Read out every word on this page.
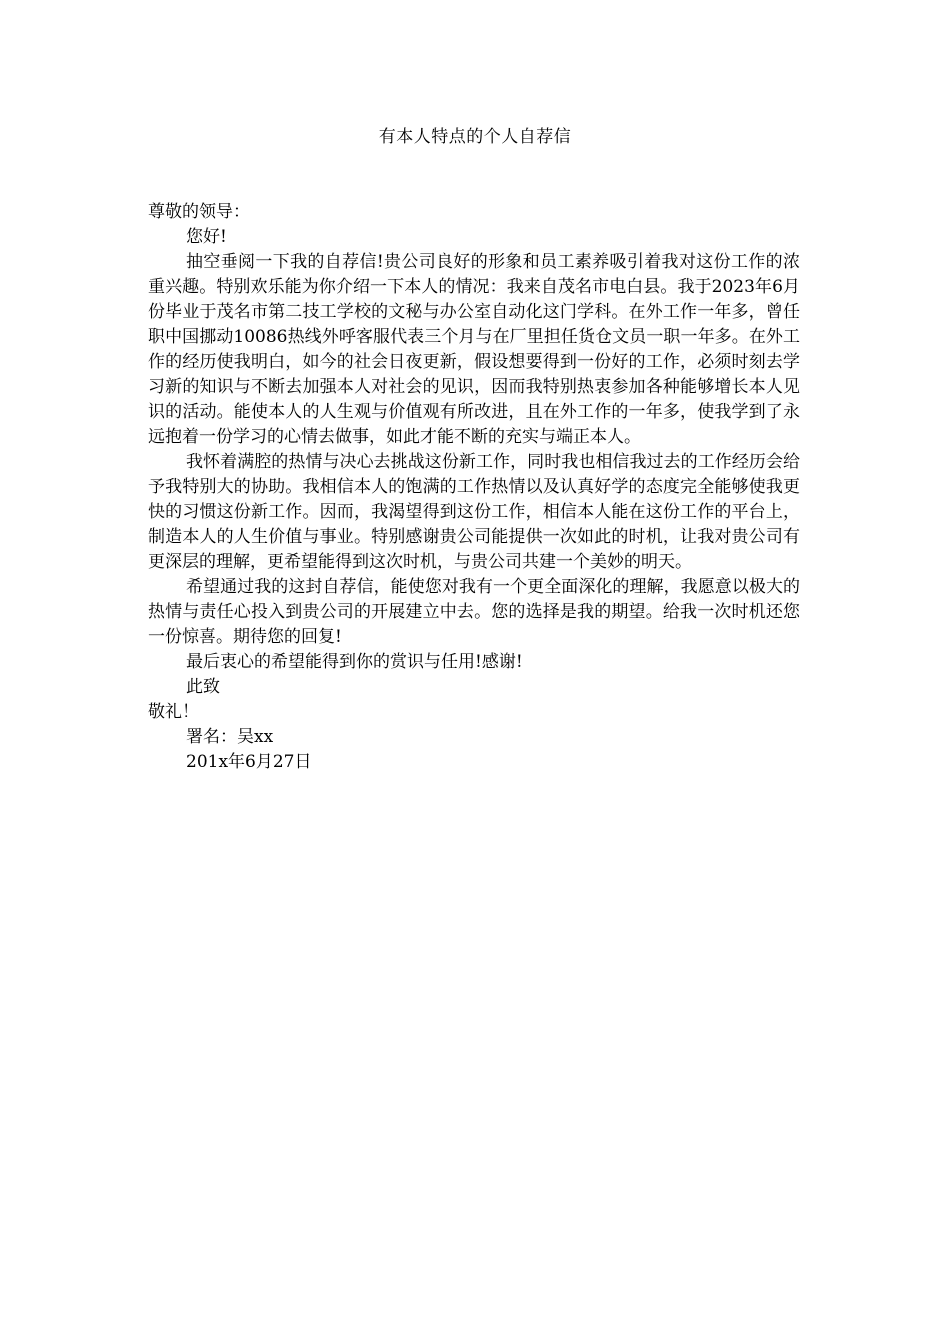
有本人特点的个人自荐信

尊敬的领导：

您好!

抽空垂阅一下我的自荐信!贵公司良好的形象和员工素养吸引着我对这份工作的浓重兴趣。特别欢乐能为你介绍一下本人的情况：我来自茂名市电白县。我于2023年6月份毕业于茂名市第二技工学校的文秘与办公室自动化这门学科。在外工作一年多，曾任职中国挪动10086热线外呼客服代表三个月与在厂里担任货仓文员一职一年多。在外工作的经历使我明白，如今的社会日夜更新，假设想要得到一份好的工作，必须时刻去学习新的知识与不断去加强本人对社会的见识，因而我特别热衷参加各种能够增长本人见识的活动。能使本人的人生观与价值观有所改进，且在外工作的一年多，使我学到了永远抱着一份学习的心情去做事，如此才能不断的充实与端正本人。

我怀着满腔的热情与决心去挑战这份新工作，同时我也相信我过去的工作经历会给予我特别大的协助。我相信本人的饱满的工作热情以及认真好学的态度完全能够使我更快的习惯这份新工作。因而，我渴望得到这份工作，相信本人能在这份工作的平台上，制造本人的人生价值与事业。特别感谢贵公司能提供一次如此的时机，让我对贵公司有更深层的理解，更希望能得到这次时机，与贵公司共建一个美妙的明天。

希望通过我的这封自荐信，能使您对我有一个更全面深化的理解，我愿意以极大的热情与责任心投入到贵公司的开展建立中去。您的选择是我的期望。给我一次时机还您一份惊喜。期待您的回复!

最后衷心的希望能得到你的赏识与任用!感谢!

此致

敬礼！

署名：吴xx

201x年6月27日
